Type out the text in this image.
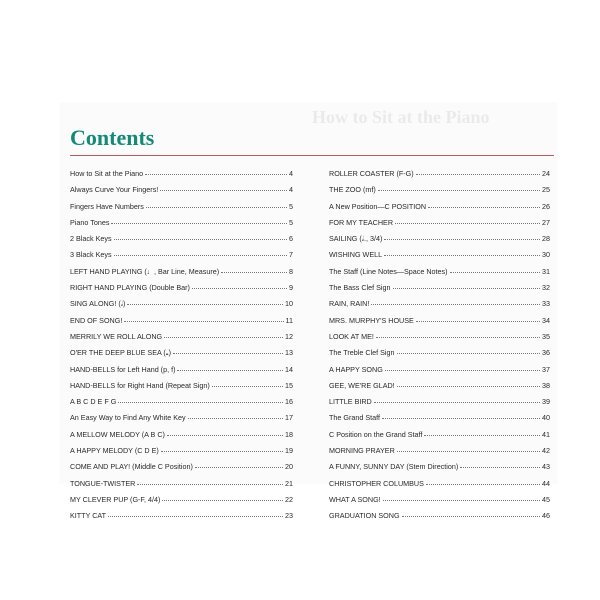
How to Sit at the Piano
Contents
How to Sit at the Piano	4
Always Curve Your Fingers!	4
Fingers Have Numbers	5
Piano Tones	5
2 Black Keys	6
3 Black Keys	7
LEFT HAND PLAYING (♩, Bar Line, Measure)	8
RIGHT HAND PLAYING (Double Bar)	9
SING ALONG! (𝅗𝅥)	10
END OF SONG!	11
MERRILY WE ROLL ALONG	12
O'ER THE DEEP BLUE SEA (𝅝)	13
HAND-BELLS for Left Hand (p, f)	14
HAND-BELLS for Right Hand (Repeat Sign)	15
A B C D E F G	16
An Easy Way to Find Any White Key	17
A MELLOW MELODY (A B C)	18
A HAPPY MELODY (C D E)	19
COME AND PLAY! (Middle C Position)	20
TONGUE-TWISTER	21
MY CLEVER PUP (G-F, 4/4)	22
KITTY CAT	23
ROLLER COASTER (F-G)	24
THE ZOO (mf)	25
A New Position—C POSITION	26
FOR MY TEACHER	27
SAILING (𝅗𝅥., 3/4)	28
WISHING WELL	30
The Staff (Line Notes—Space Notes)	31
The Bass Clef Sign	32
RAIN, RAIN!	33
MRS. MURPHY'S HOUSE	34
LOOK AT ME!	35
The Treble Clef Sign	36
A HAPPY SONG	37
GEE, WE'RE GLAD!	38
LITTLE BIRD	39
The Grand Staff	40
C Position on the Grand Staff	41
MORNING PRAYER	42
A FUNNY, SUNNY DAY (Stem Direction)	43
CHRISTOPHER COLUMBUS	44
WHAT A SONG!	45
GRADUATION SONG	46
